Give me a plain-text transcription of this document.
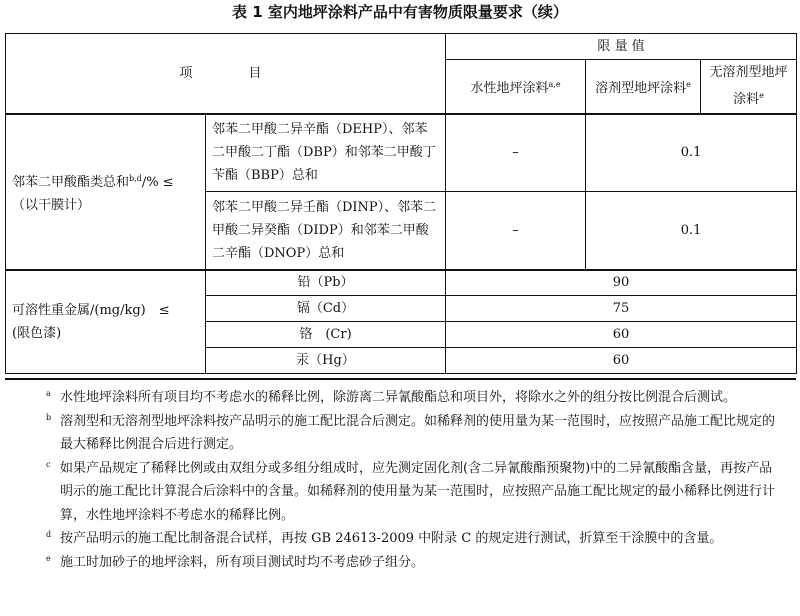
表 1 室内地坪涂料产品中有害物质限量要求（续）
项　　目		限 量 值		
		水性地坪涂料$^{a,e}$	溶剂型地坪涂料$^e$	无溶剂型地坪涂料$^e$
邻苯二甲酸酯类总和$^{b,d}$/% ≤
（以干膜计）	邻苯二甲酸二异辛酯（DEHP）、邻苯二甲酸二丁酯（DBP）和邻苯二甲酸丁苄酯（BBP）总和	–	0.1	
	邻苯二甲酸二异壬酯（DINP）、邻苯二甲酸二异癸酯（DIDP）和邻苯二甲酸二辛酯（DNOP）总和	–	0.1	
可溶性重金属/(mg/kg)　≤
(限色漆)	铅（Pb）	90		
	镉（Cd）	75		
	铬　(Cr)	60		
	汞（Hg）	60		
a 水性地坪涂料所有项目均不考虑水的稀释比例，除游离二异氰酸酯总和项目外，将除水之外的组分按比例混合后测试。
b 溶剂型和无溶剂型地坪涂料按产品明示的施工配比混合后测定。如稀释剂的使用量为某一范围时，应按照产品施工配比规定的最大稀释比例混合后进行测定。
c 如果产品规定了稀释比例或由双组分或多组分组成时，应先测定固化剂(含二异氰酸酯预聚物)中的二异氰酸酯含量，再按产品明示的施工配比计算混合后涂料中的含量。如稀释剂的使用量为某一范围时，应按照产品施工配比规定的最小稀释比例进行计算，水性地坪涂料不考虑水的稀释比例。
d 按产品明示的施工配比制备混合试样，再按 GB 24613-2009 中附录 C 的规定进行测试，折算至干涂膜中的含量。
e 施工时加砂子的地坪涂料，所有项目测试时均不考虑砂子组分。
